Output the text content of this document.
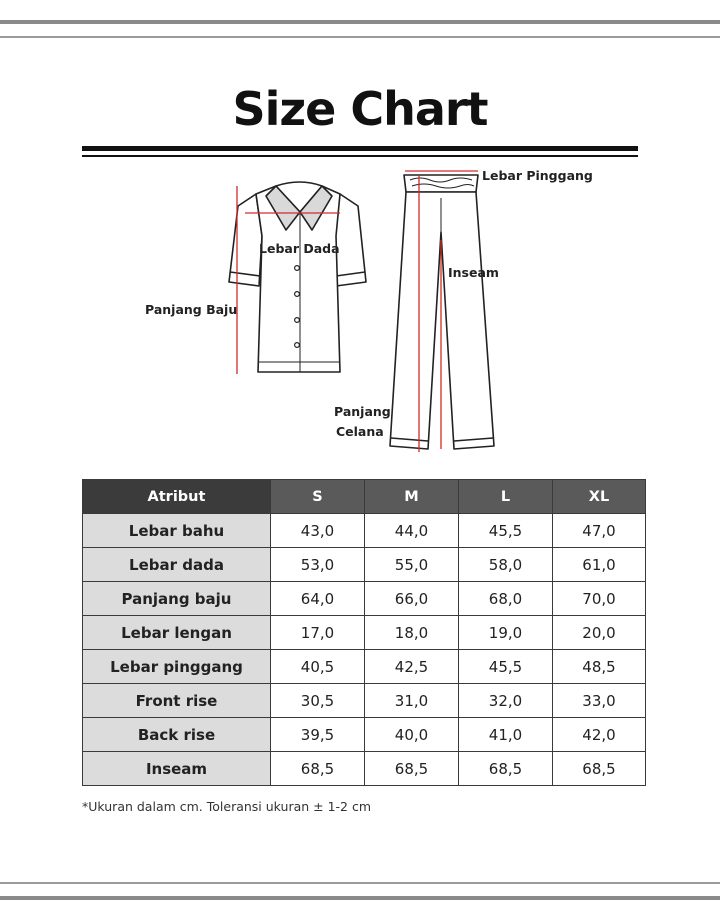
Size Chart
Lebar Dada
Panjang Baju
Lebar Pinggang
Inseam
Panjang
Celana
Atribut	S	M	L	XL
Lebar bahu	43,0	44,0	45,5	47,0
Lebar dada	53,0	55,0	58,0	61,0
Panjang baju	64,0	66,0	68,0	70,0
Lebar lengan	17,0	18,0	19,0	20,0
Lebar pinggang	40,5	42,5	45,5	48,5
Front rise	30,5	31,0	32,0	33,0
Back rise	39,5	40,0	41,0	42,0
Inseam	68,5	68,5	68,5	68,5
*Ukuran dalam cm. Toleransi ukuran ± 1-2 cm
